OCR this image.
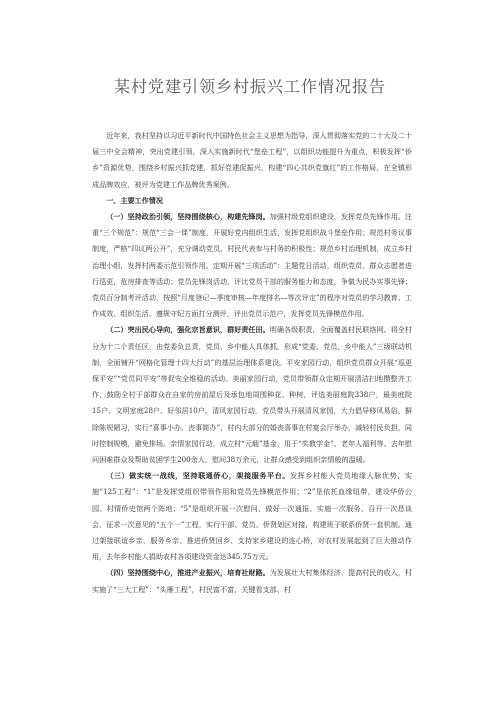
某村党建引领乡村振兴工作情况报告

近年来，我村坚持以习近平新时代中国特色社会主义思想为指导，深入贯彻落实党的二十大及二十届三中全会精神，突出党建引领，深入实施新时代“堡垒工程”，以组织功能提升为重点，积极发挥“侨乡”资源优势，围绕乡村振兴抓党建，抓好党建促振兴，构建“四心共织党旗红”的工作格局，在全镇形成品牌效应，被评为党建工作品牌优秀案例。

一、主要工作情况

（一）坚持政治引领，坚持围绕核心，构建先锋岗。加强村级党组织建设，发挥党员先锋作用。注重“三个规范”：规范“三会一课”制度，开展好党内组织生活，发挥党组织战斗堡垒作用；规范村务议事制度，严格“四议两公开”，充分调动党员、村民代表参与村务的积极性；规范乡村治理机制，成立乡村治理小组，发挥村两委示范引领作用。定期开展“三项活动”：主题党日活动，组织党员、群众志愿者进行巡更，危房排查等活动；党员先锋岗活动，评比党员干部的服务能力和态度，争做为民办实事先锋；党员百分制考评活动，按照“月度登记—季度审核—年度排名—等次评定”的程序对党员的学习教育、工作成效、组织生活、遵规守纪方面打分测评，评出党员示范户，发挥党员先锋模范作用。

（二）突出民心导向，强化宗旨意识，群好责任田。明确各级职责，全面覆盖村民联络网。将全村分为十二个责任区，由党委负总责，党员、乡中能人具体抓，形成“党委、党员、乡中能人”三级联动机制，全面铺开“网格化管理十四大行动”的基层治理体系建设。平安家园行动，组织党员群众开展“巡更保平安”“党员同平安”等促安全维稳的活动。美丽家园行动，党员带领群众定期开展清洁扫地攒整齐工作，鼓励全村于部群众在自家的房前屋后及承包地周围种花、种树，评选美丽庭院338户，最美庭院15户、文明家庭28户、好邻居10户。清风家园行动，党员带头开展清风家园，大力倡导移风易俗，摒除陈规陋习，实行“喜事小办、丧事简办”，村内大部分的婚丧喜事在村宴会厅举办，减轻村民负担，同时控制规模，避免排场。亲情家园行动，成立村“元载”基金，用于“奖教学金”、老年人福利等。去年慰问困难群众及帮助贫困学生200余人，慰问38万余元，让群众感受到组织亲情般的温暖。

（三）做实统一战线，坚持联通侨心，架接服务平台。发挥乡村能人党员地缘人脉优势，实施“125工程”：“1”是发挥党组织带领作用和党员先锋模范作用；“2”是依托血缘纽带，建设华侨公园、村情侨史馆两个阵地；“5”是组织开展一次慰问、做好一次通报、实施一次服务、召开一次恳谈会、征求一次意见的“五个一”工程，实行干部、党员、侨贤划区对接，构建班子联系侨贤一套机制。通过架接联谊乡亲，服务乡亲、推进侨贤回乡、支持家乡建设的连心桥，对农村发展起到了巨大推动作用，去年乡村能人捐助农村各项建设资金达345.75万元。

（四）坚持围绕中心，推进产业振兴，培育社财路。为发展壮大村集体经济，提高村民的收入，村实施了“三大工程”：“头雁工程”，村民富不富，关键看支部、村
